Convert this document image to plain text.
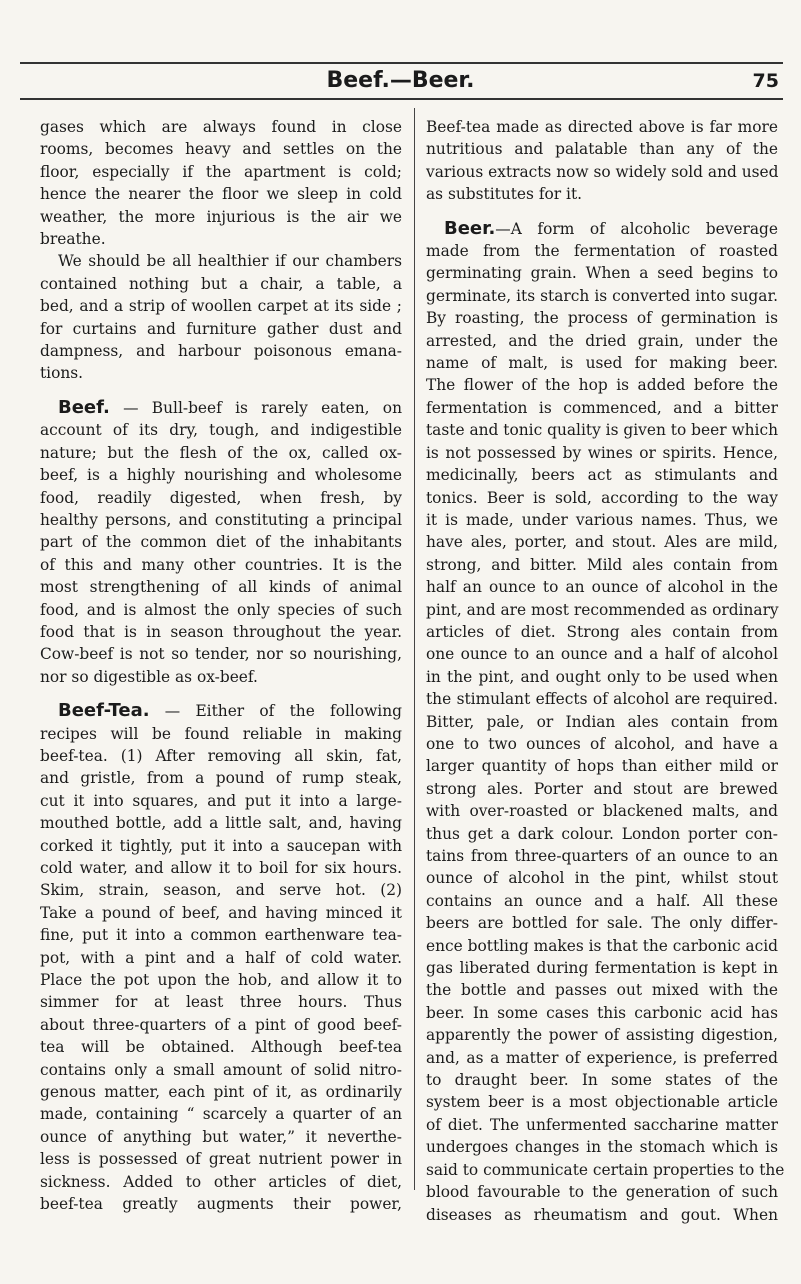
Beef.—Beer.	75
gases which are always found in close
rooms, becomes heavy and settles on the
floor, especially if the apartment is cold;
hence the nearer the floor we sleep in cold
weather, the more injurious is the air we
breathe.
We should be all healthier if our chambers
contained nothing but a chair, a table, a
bed, and a strip of woollen carpet at its side ;
for curtains and furniture gather dust and
dampness, and harbour poisonous emana-
tions.
Beef. — Bull-beef is rarely eaten, on
account of its dry, tough, and indigestible
nature; but the flesh of the ox, called ox-
beef, is a highly nourishing and wholesome
food, readily digested, when fresh, by
healthy persons, and constituting a principal
part of the common diet of the inhabitants
of this and many other countries. It is the
most strengthening of all kinds of animal
food, and is almost the only species of such
food that is in season throughout the year.
Cow-beef is not so tender, nor so nourishing,
nor so digestible as ox-beef.
Beef-Tea. — Either of the following
recipes will be found reliable in making
beef-tea. (1) After removing all skin, fat,
and gristle, from a pound of rump steak,
cut it into squares, and put it into a large-
mouthed bottle, add a little salt, and, having
corked it tightly, put it into a saucepan with
cold water, and allow it to boil for six hours.
Skim, strain, season, and serve hot. (2)
Take a pound of beef, and having minced it
fine, put it into a common earthenware tea-
pot, with a pint and a half of cold water.
Place the pot upon the hob, and allow it to
simmer for at least three hours. Thus
about three-quarters of a pint of good beef-
tea will be obtained. Although beef-tea
contains only a small amount of solid nitro-
genous matter, each pint of it, as ordinarily
made, containing “ scarcely a quarter of an
ounce of anything but water,” it neverthe-
less is possessed of great nutrient power in
sickness. Added to other articles of diet,
beef-tea greatly augments their power,
Beef-tea made as directed above is far more
nutritious and palatable than any of the
various extracts now so widely sold and used
as substitutes for it.
Beer.—A form of alcoholic beverage
made from the fermentation of roasted
germinating grain. When a seed begins to
germinate, its starch is converted into sugar.
By roasting, the process of germination is
arrested, and the dried grain, under the
name of malt, is used for making beer.
The flower of the hop is added before the
fermentation is commenced, and a bitter
taste and tonic quality is given to beer which
is not possessed by wines or spirits. Hence,
medicinally, beers act as stimulants and
tonics. Beer is sold, according to the way
it is made, under various names. Thus, we
have ales, porter, and stout. Ales are mild,
strong, and bitter. Mild ales contain from
half an ounce to an ounce of alcohol in the
pint, and are most recommended as ordinary
articles of diet. Strong ales contain from
one ounce to an ounce and a half of alcohol
in the pint, and ought only to be used when
the stimulant effects of alcohol are required.
Bitter, pale, or Indian ales contain from
one to two ounces of alcohol, and have a
larger quantity of hops than either mild or
strong ales. Porter and stout are brewed
with over-roasted or blackened malts, and
thus get a dark colour. London porter con-
tains from three-quarters of an ounce to an
ounce of alcohol in the pint, whilst stout
contains an ounce and a half. All these
beers are bottled for sale. The only differ-
ence bottling makes is that the carbonic acid
gas liberated during fermentation is kept in
the bottle and passes out mixed with the
beer. In some cases this carbonic acid has
apparently the power of assisting digestion,
and, as a matter of experience, is preferred
to draught beer. In some states of the
system beer is a most objectionable article
of diet. The unfermented saccharine matter
undergoes changes in the stomach which is
said to communicate certain properties to the
blood favourable to the generation of such
diseases as rheumatism and gout. When
